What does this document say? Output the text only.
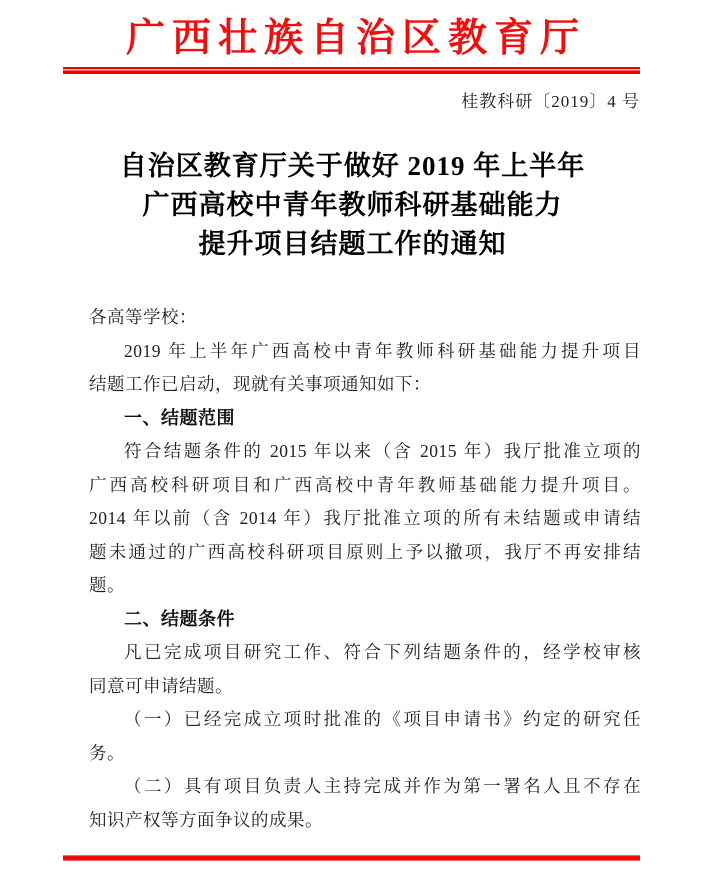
广西壮族自治区教育厅
桂教科研〔2019〕4 号
自治区教育厅关于做好 2019 年上半年
广西高校中青年教师科研基础能力
提升项目结题工作的通知
各高等学校：
2019 年上半年广西高校中青年教师科研基础能力提升项目
结题工作已启动，现就有关事项通知如下：
一、结题范围
符合结题条件的 2015 年以来（含 2015 年）我厅批准立项的
广西高校科研项目和广西高校中青年教师基础能力提升项目。
2014 年以前（含 2014 年）我厅批准立项的所有未结题或申请结
题未通过的广西高校科研项目原则上予以撤项，我厅不再安排结
题。
二、结题条件
凡已完成项目研究工作、符合下列结题条件的，经学校审核
同意可申请结题。
（一）已经完成立项时批准的《项目申请书》约定的研究任
务。
（二）具有项目负责人主持完成并作为第一署名人且不存在
知识产权等方面争议的成果。
